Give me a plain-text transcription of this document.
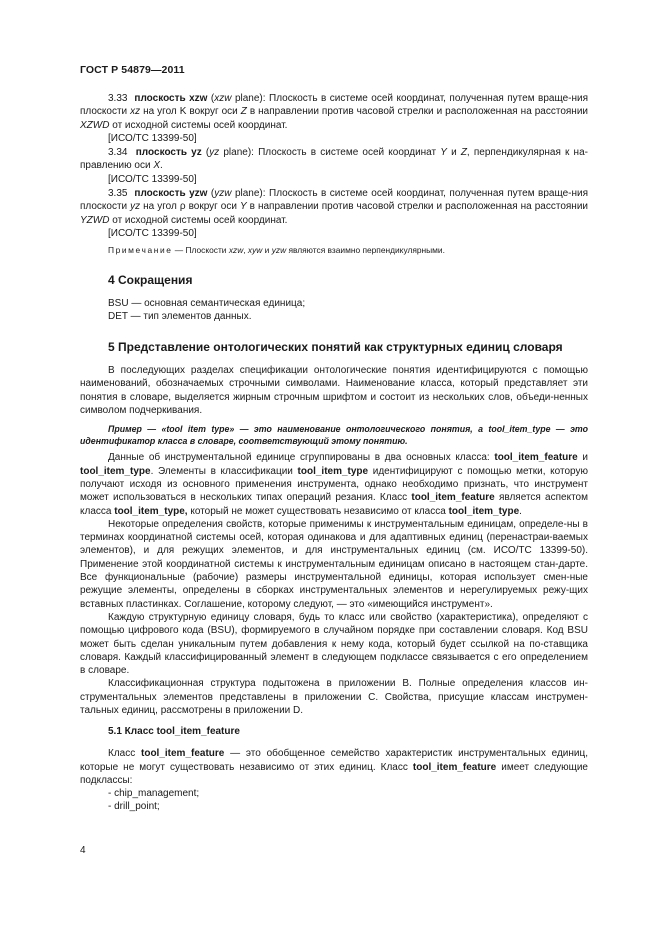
ГОСТ Р 54879—2011

3.33 плоскость xzw (xzw plane): Плоскость в системе осей координат, полученная путем враще-ния плоскости xz на угол K вокруг оси Z в направлении против часовой стрелки и расположенная на расстоянии XZWD от исходной системы осей координат.

[ИСО/ТС 13399-50]

3.34 плоскость yz (yz plane): Плоскость в системе осей координат Y и Z, перпендикулярная к на-правлению оси X.

[ИСО/ТС 13399-50]

3.35 плоскость yzw (yzw plane): Плоскость в системе осей координат, полученная путем враще-ния плоскости yz на угол ρ вокруг оси Y в направлении против часовой стрелки и расположенная на расстоянии YZWD от исходной системы осей координат.

[ИСО/ТС 13399-50]

Примечание — Плоскости xzw, xyw и yzw являются взаимно перпендикулярными.

4 Сокращения

BSU — основная семантическая единица;

DET — тип элементов данных.

5 Представление онтологических понятий как структурных единиц словаря

В последующих разделах спецификации онтологические понятия идентифицируются с помощью наименований, обозначаемых строчными символами. Наименование класса, который представляет эти понятия в словаре, выделяется жирным строчным шрифтом и состоит из нескольких слов, объеди-ненных символом подчеркивания.

Пример — «tool item type» — это наименование онтологического понятия, а tool_item_type — это идентификатор класса в словаре, соответствующий этому понятию.

Данные об инструментальной единице сгруппированы в два основных класса: tool_item_feature и tool_item_type. Элементы в классификации tool_item_type идентифицируют с помощью метки, которую получают исходя из основного применения инструмента, однако необходимо признать, что инструмент может использоваться в нескольких типах операций резания. Класс tool_item_feature является аспектом класса tool_item_type, который не может существовать независимо от класса tool_item_type.

Некоторые определения свойств, которые применимы к инструментальным единицам, определе-ны в терминах координатной системы осей, которая одинакова и для адаптивных единиц (перенастраи-ваемых элементов), и для режущих элементов, и для инструментальных единиц (см. ИСО/ТС 13399-50). Применение этой координатной системы к инструментальным единицам описано в настоящем стан-дарте. Все функциональные (рабочие) размеры инструментальной единицы, которая использует смен-ные режущие элементы, определены в сборках инструментальных элементов и нерегулируемых режу-щих вставных пластинках. Соглашение, которому следуют, — это «имеющийся инструмент».

Каждую структурную единицу словаря, будь то класс или свойство (характеристика), определяют с помощью цифрового кода (BSU), формируемого в случайном порядке при составлении словаря. Код BSU может быть сделан уникальным путем добавления к нему кода, который будет ссылкой на по-ставщика словаря. Каждый классифицированный элемент в следующем подклассе связывается с его определением в словаре.

Классификационная структура подытожена в приложении В. Полные определения классов ин-струментальных элементов представлены в приложении С. Свойства, присущие классам инструмен-тальных единиц, рассмотрены в приложении D.

5.1 Класс tool_item_feature

Класс tool_item_feature — это обобщенное семейство характеристик инструментальных единиц, которые не могут существовать независимо от этих единиц. Класс tool_item_feature имеет следующие подклассы:

- chip_management;

- drill_point;

4
